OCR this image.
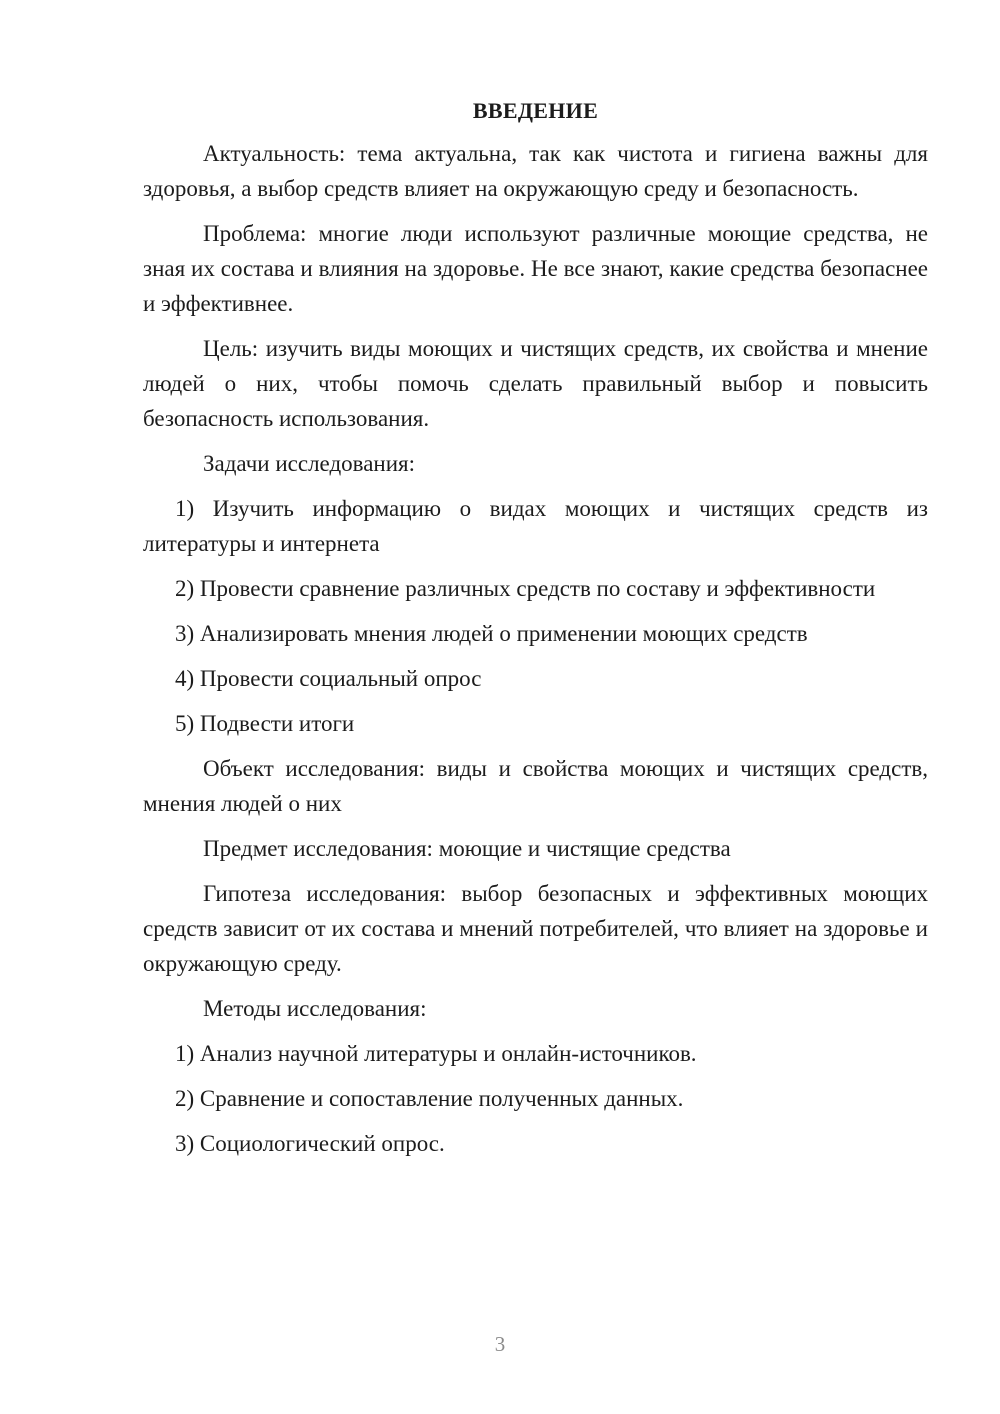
ВВЕДЕНИЕ

Актуальность: тема актуальна, так как чистота и гигиена важны для здоровья, а выбор средств влияет на окружающую среду и безопасность.

Проблема: многие люди используют различные моющие средства, не зная их состава и влияния на здоровье. Не все знают, какие средства безопаснее и эффективнее.

Цель: изучить виды моющих и чистящих средств, их свойства и мнение людей о них, чтобы помочь сделать правильный выбор и повысить безопасность использования.

Задачи исследования:

1) Изучить информацию о видах моющих и чистящих средств из литературы и интернета

2) Провести сравнение различных средств по составу и эффективности

3) Анализировать мнения людей о применении моющих средств

4) Провести социальный опрос

5) Подвести итоги

Объект исследования: виды и свойства моющих и чистящих средств, мнения людей о них

Предмет исследования: моющие и чистящие средства

Гипотеза исследования: выбор безопасных и эффективных моющих средств зависит от их состава и мнений потребителей, что влияет на здоровье и окружающую среду.

Методы исследования:

1) Анализ научной литературы и онлайн-источников.

2) Сравнение и сопоставление полученных данных.

3) Социологический опрос.

3
